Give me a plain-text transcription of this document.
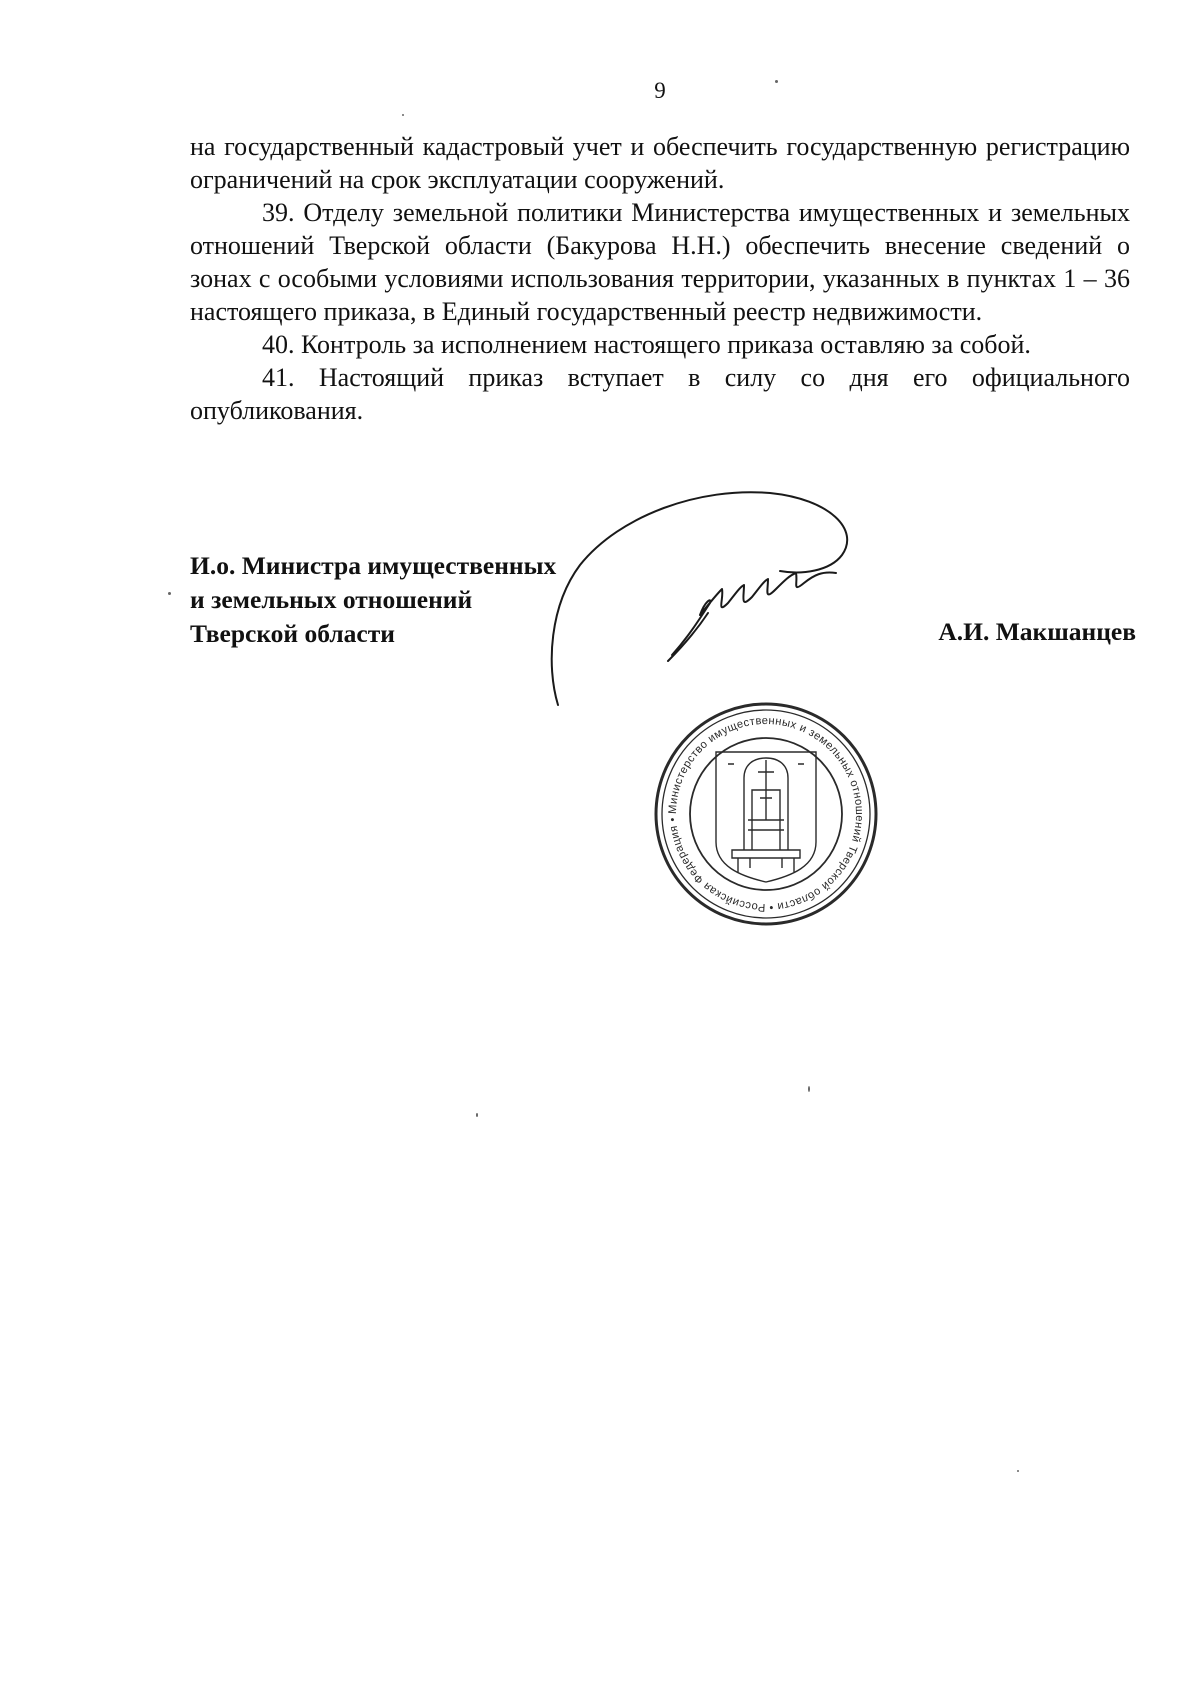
9

на государственный кадастровый учет и обеспечить государственную регистрацию ограничений на срок эксплуатации сооружений.

39. Отделу земельной политики Министерства имущественных и земельных отношений Тверской области (Бакурова Н.Н.) обеспечить внесение сведений о зонах с особыми условиями использования территории, указанных в пунктах 1 – 36 настоящего приказа, в Единый государственный реестр недвижимости.

40. Контроль за исполнением настоящего приказа оставляю за собой.

41. Настоящий приказ вступает в силу со дня его официального опубликования.

И.о. Министра имущественных
и земельных отношений
Тверской области	А.И. Макшанцев
Министерство имущественных и земельных отношений Тверской области • Российская Федерация •
